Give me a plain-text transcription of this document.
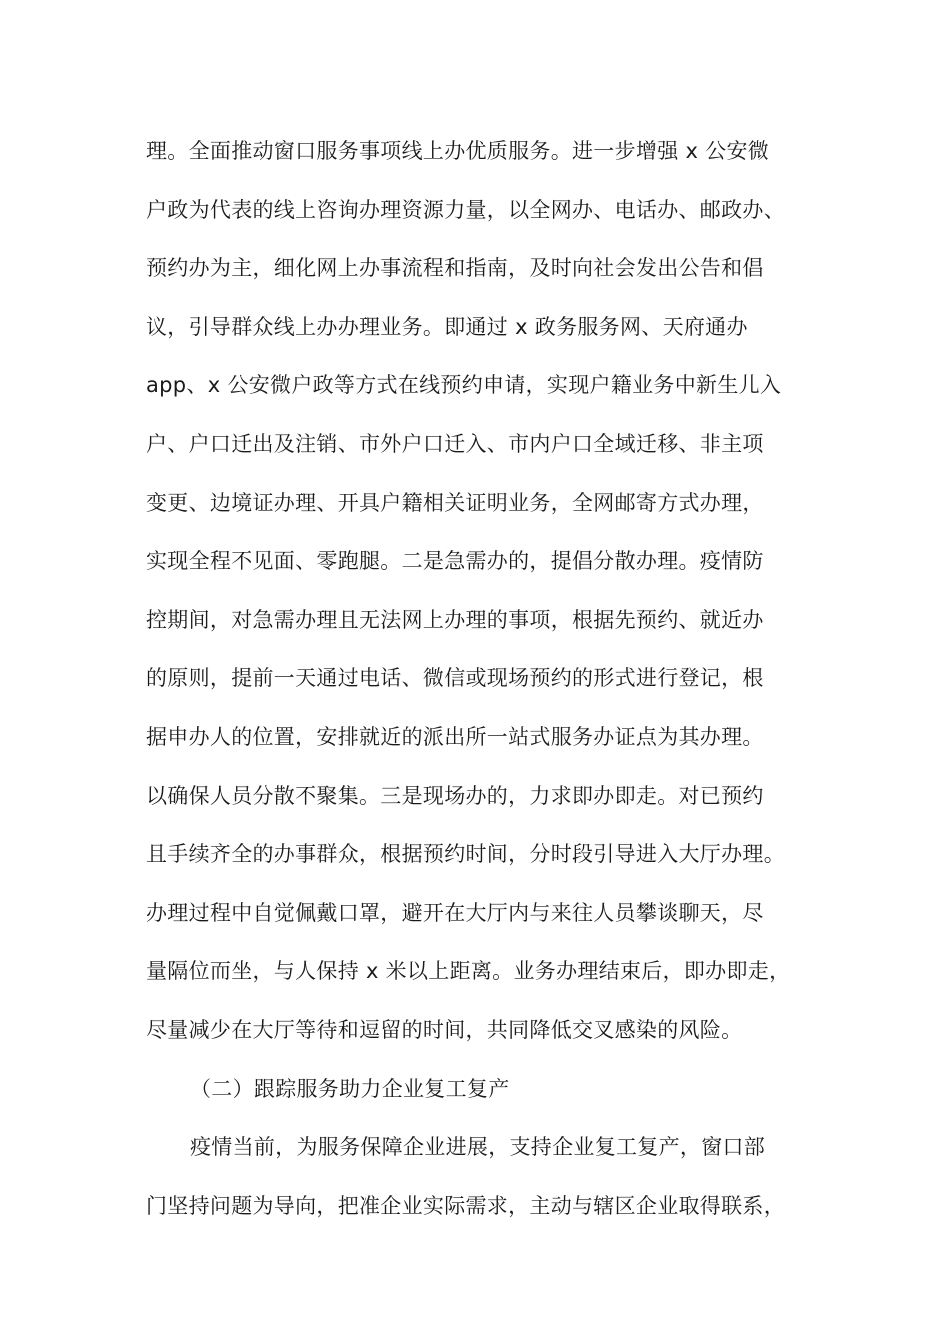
理。全面推动窗口服务事项线上办优质服务。进一步增强 x 公安微
户政为代表的线上咨询办理资源力量，以全网办、电话办、邮政办、
预约办为主，细化网上办事流程和指南，及时向社会发出公告和倡
议，引导群众线上办办理业务。即通过 x 政务服务网、天府通办
app、x 公安微户政等方式在线预约申请，实现户籍业务中新生儿入
户、户口迁出及注销、市外户口迁入、市内户口全域迁移、非主项
变更、边境证办理、开具户籍相关证明业务，全网邮寄方式办理，
实现全程不见面、零跑腿。二是急需办的，提倡分散办理。疫情防
控期间，对急需办理且无法网上办理的事项，根据先预约、就近办
的原则，提前一天通过电话、微信或现场预约的形式进行登记，根
据申办人的位置，安排就近的派出所一站式服务办证点为其办理。
以确保人员分散不聚集。三是现场办的，力求即办即走。对已预约
且手续齐全的办事群众，根据预约时间，分时段引导进入大厅办理。
办理过程中自觉佩戴口罩，避开在大厅内与来往人员攀谈聊天，尽
量隔位而坐，与人保持 x 米以上距离。业务办理结束后，即办即走，
尽量减少在大厅等待和逗留的时间，共同降低交叉感染的风险。
（二）跟踪服务助力企业复工复产
疫情当前，为服务保障企业进展，支持企业复工复产，窗口部
门坚持问题为导向，把准企业实际需求，主动与辖区企业取得联系，
